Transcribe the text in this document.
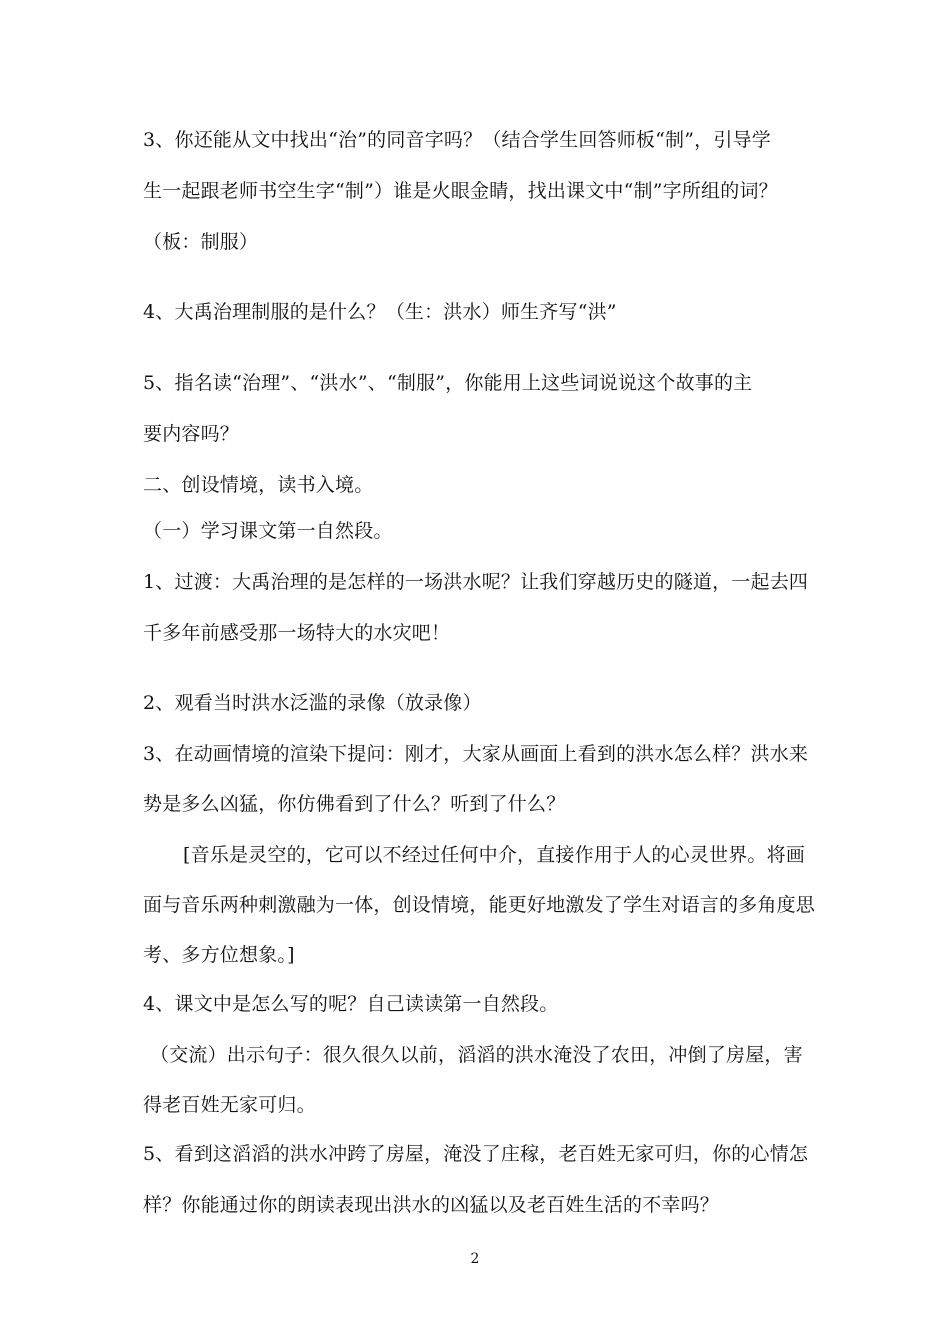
3、你还能从文中找出“治”的同音字吗？（结合学生回答师板“制”，引导学
生一起跟老师书空生字“制”）谁是火眼金睛，找出课文中“制”字所组的词？
（板：制服）
4、大禹治理制服的是什么？（生：洪水）师生齐写“洪”
5、指名读“治理”、“洪水”、“制服”，你能用上这些词说说这个故事的主
要内容吗？
二、创设情境，读书入境。
（一）学习课文第一自然段。
1、过渡：大禹治理的是怎样的一场洪水呢？让我们穿越历史的隧道，一起去四
千多年前感受那一场特大的水灾吧！
2、观看当时洪水泛滥的录像（放录像）
3、在动画情境的渲染下提问：刚才，大家从画面上看到的洪水怎么样？洪水来
势是多么凶猛，你仿佛看到了什么？听到了什么？
[音乐是灵空的，它可以不经过任何中介，直接作用于人的心灵世界。将画
面与音乐两种刺激融为一体，创设情境，能更好地激发了学生对语言的多角度思
考、多方位想象。]
4、课文中是怎么写的呢？自己读读第一自然段。
（交流）出示句子：很久很久以前，滔滔的洪水淹没了农田，冲倒了房屋，害
得老百姓无家可归。
5、看到这滔滔的洪水冲跨了房屋，淹没了庄稼，老百姓无家可归，你的心情怎
样？你能通过你的朗读表现出洪水的凶猛以及老百姓生活的不幸吗？
2
